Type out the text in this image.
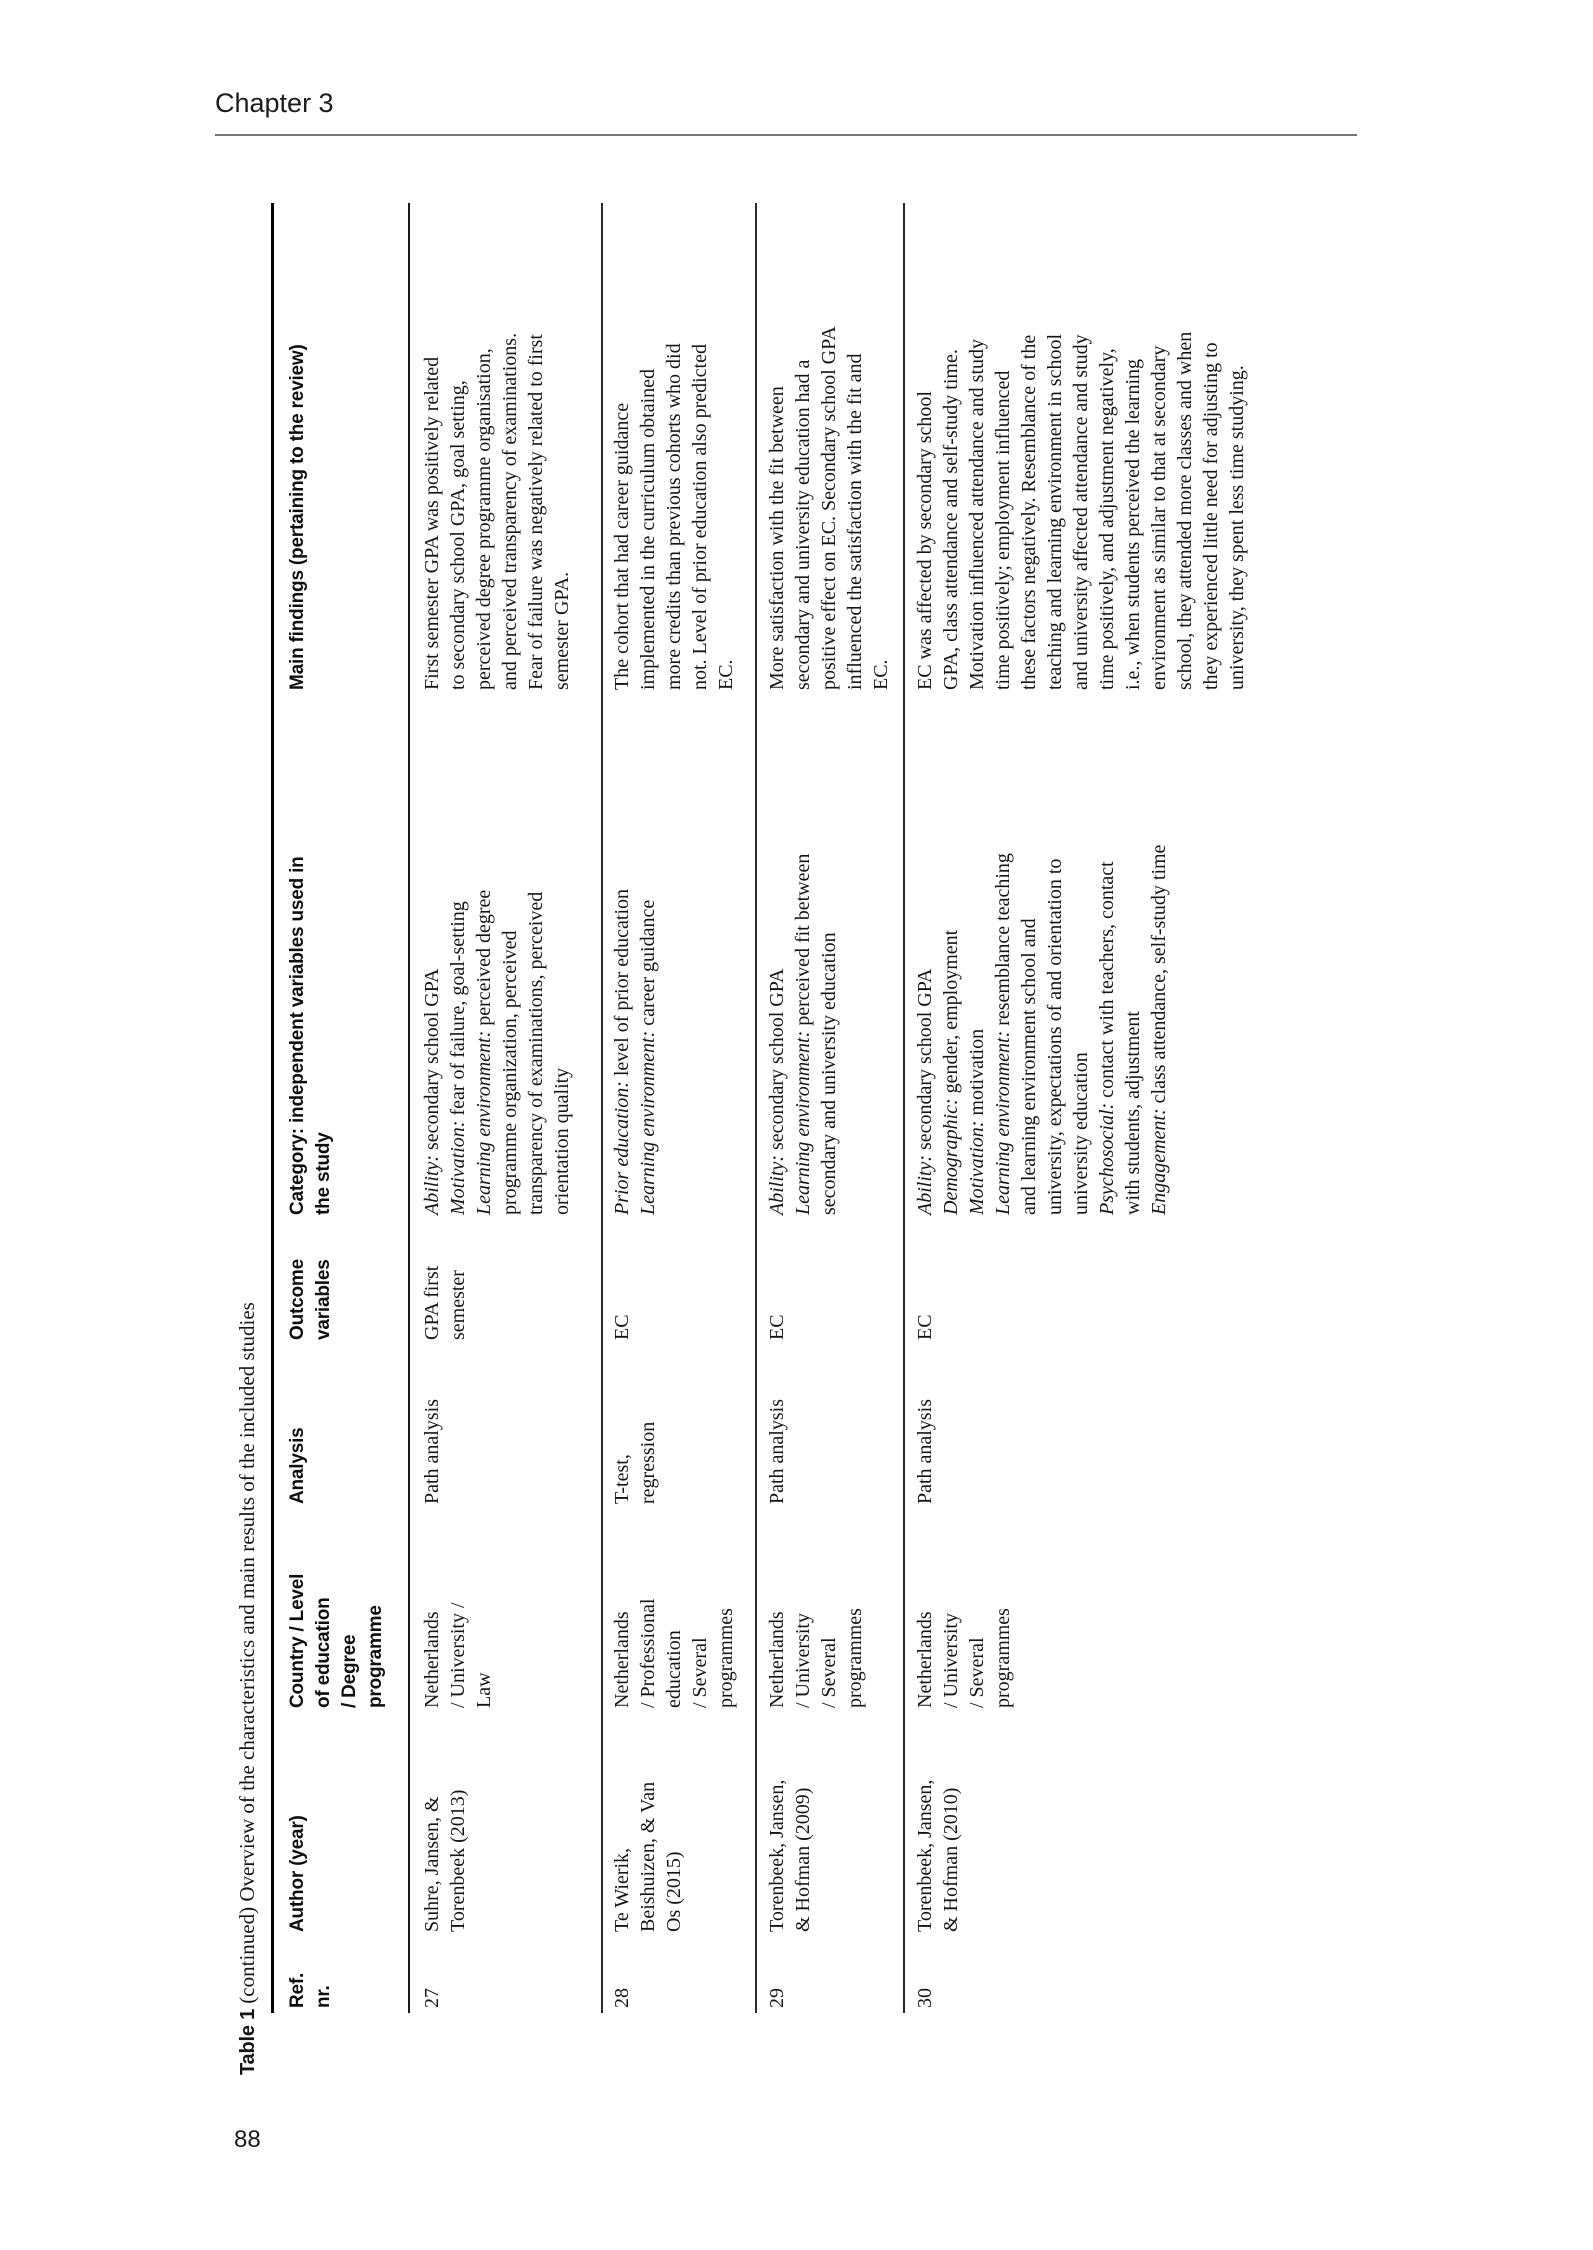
Chapter 3
Table 1 (continued) Overview of the characteristics and main results of the included studies Ref. nr.
Author (year)
Country / Level of education / Degree programme
Analysis
Outcome variables
Category: independent variables used in the study
Main findings (pertaining to the review)
27
Suhre, Jansen, & Torenbeek (2013)
Netherlands / University / Law
Path analysis
GPA first semester
Ability: secondary school GPA
Motivation: fear of failure, goal-setting
Learning environment: perceived degree programme organization, perceived transparency of examinations, perceived orientation quality
First semester GPA was positively related to secondary school GPA, goal setting, perceived degree programme organisation, and perceived transparency of examinations. Fear of failure was negatively related to first semester GPA.
28
Te Wierik, Beishuizen, & Van Os (2015)
Netherlands / Professional education / Several programmes
T-test, regression
EC
Prior education: level of prior education
Learning environment: career guidance
The cohort that had career guidance implemented in the curriculum obtained more credits than previous cohorts who did not. Level of prior education also predicted EC.
29
Torenbeek, Jansen, & Hofman (2009)
Netherlands / University / Several programmes
Path analysis
EC
Ability: secondary school GPA Learning environment: perceived fit between secondary and university education
More satisfaction with the fit between secondary and university education had a positive effect on EC. Secondary school GPA influenced the satisfaction with the fit and EC.
30
Torenbeek, Jansen, & Hofman (2010)
Netherlands / University / Several programmes
Path analysis
EC
Ability: secondary school GPA
Demographic: gender, employment
Motivation: motivation Learning environment: resemblance teaching and learning environment school and university, expectations of and orientation to university education Psychosocial: contact with teachers, contact
with students, adjustment Engagement: class attendance, self-study time
EC was affected by secondary school GPA, class attendance and self-study time. Motivation influenced attendance and study time positively; employment influenced these factors negatively. Resemblance of the teaching and learning environment in school and university affected attendance and study time positively, and adjustment negatively, i.e., when students perceived the learning environment as similar to that at secondary school, they attended more classes and when they experienced little need for adjusting to university, they spent less time studying.
88
